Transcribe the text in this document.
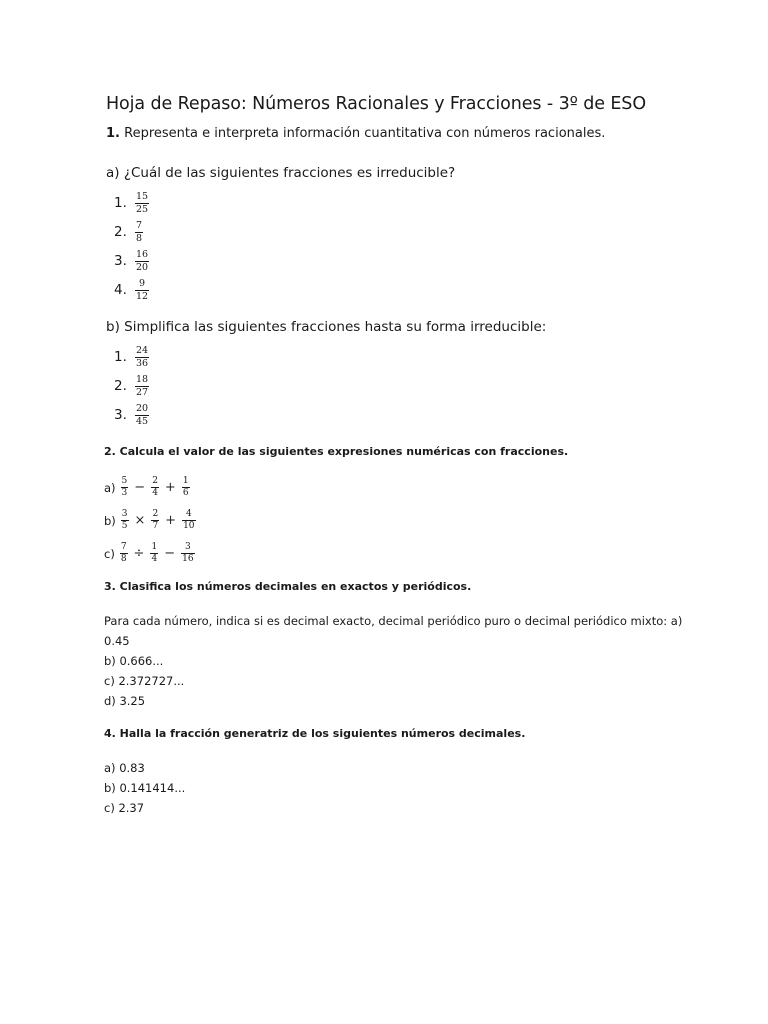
Hoja de Repaso: Números Racionales y Fracciones - 3º de ESO
1. Representa e interpreta información cuantitativa con números racionales.
a) ¿Cuál de las siguientes fracciones es irreducible?
1. $\frac{15}{25}$
2. $\frac{7}{8}$
3. $\frac{16}{20}$
4. $\frac{9}{12}$
b) Simplifica las siguientes fracciones hasta su forma irreducible:
1. $\frac{24}{36}$
2. $\frac{18}{27}$
3. $\frac{20}{45}$
2. Calcula el valor de las siguientes expresiones numéricas con fracciones.
$a) \frac{5}{3} - \frac{2}{4} + \frac{1}{6}$
$b) \frac{3}{5} \times \frac{2}{7} + \frac{4}{10}$
$c) \frac{7}{8} \div \frac{1}{4} - \frac{3}{16}$
3. Clasifica los números decimales en exactos y periódicos.
Para cada número, indica si es decimal exacto, decimal periódico puro o decimal periódico mixto: a)
0.45
b) 0.666...
c) 2.372727...
d) 3.25
4. Halla la fracción generatriz de los siguientes números decimales.
a) 0.83
b) 0.141414...
c) 2.37
